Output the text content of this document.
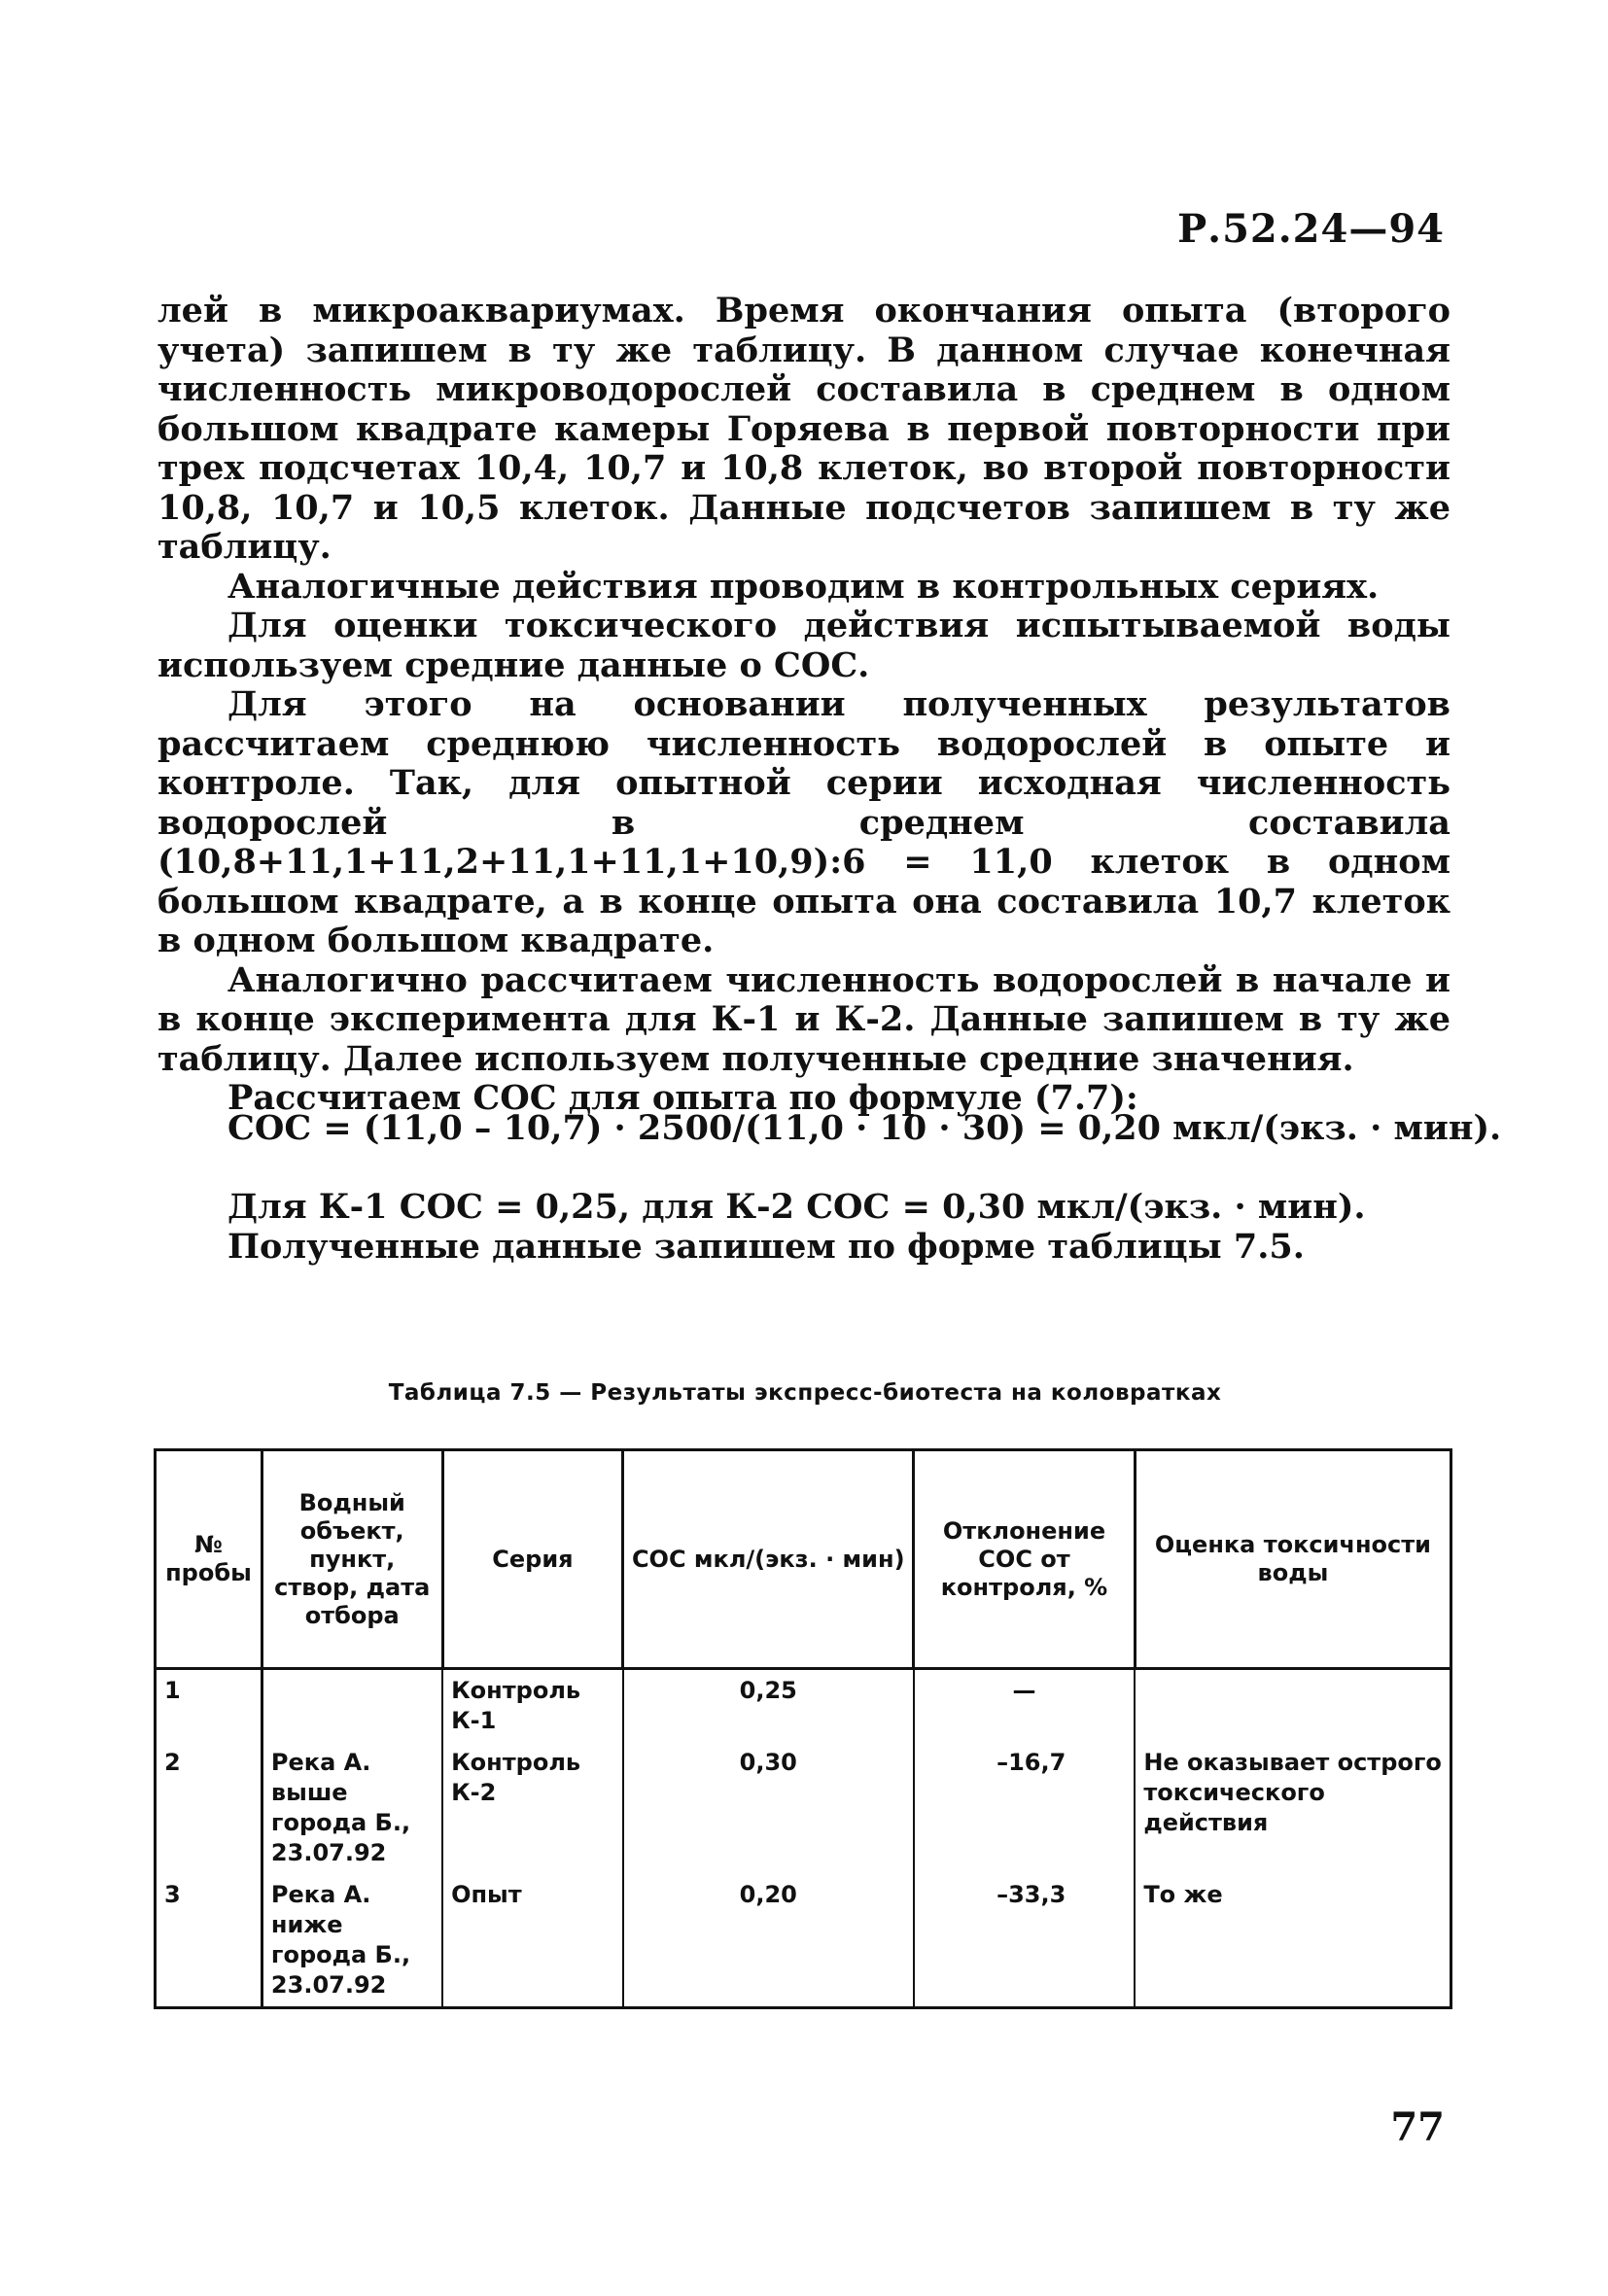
Р.52.24—94

лей в микроаквариумах. Время окончания опыта (второго учета) запишем в ту же таблицу. В данном случае конечная численность микроводорослей составила в среднем в одном большом квадрате камеры Горяева в первой повторности при трех подсчетах 10,4, 10,7 и 10,8 клеток, во второй повторности 10,8, 10,7 и 10,5 клеток. Данные подсчетов запишем в ту же таблицу.

Аналогичные действия проводим в контрольных сериях.

Для оценки токсического действия испытываемой воды используем средние данные о СОС.

Для этого на основании полученных результатов рассчитаем среднюю численность водорослей в опыте и контроле. Так, для опытной серии исходная численность водорослей в среднем составила (10,8+11,1+11,2+11,1+11,1+10,9):6 = 11,0 клеток в одном большом квадрате, а в конце опыта она составила 10,7 клеток в одном большом квадрате.

Аналогично рассчитаем численность водорослей в начале и в конце эксперимента для К-1 и К-2. Данные запишем в ту же таблицу. Далее используем полученные средние значения.

Рассчитаем СОС для опыта по формуле (7.7):

СОС = (11,0 – 10,7) · 2500/(11,0 · 10 · 30) = 0,20 мкл/(экз. · мин).

Для К-1 СОС = 0,25, для К-2 СОС = 0,30 мкл/(экз. · мин).

Полученные данные запишем по форме таблицы 7.5.

Таблица 7.5 — Результаты экспресс-биотеста на коловратках
№ пробы	Водный объект, пункт, створ, дата отбора	Серия	СОС мкл/(экз. · мин)	Отклонение СОС от контроля, %	Оценка токсичности воды
1		Контроль К-1	0,25	—	
2	Река А. выше города Б., 23.07.92	Контроль К-2	0,30	–16,7	Не оказывает острого токсического действия
3	Река А. ниже города Б., 23.07.92	Опыт	0,20	–33,3	То же
77
